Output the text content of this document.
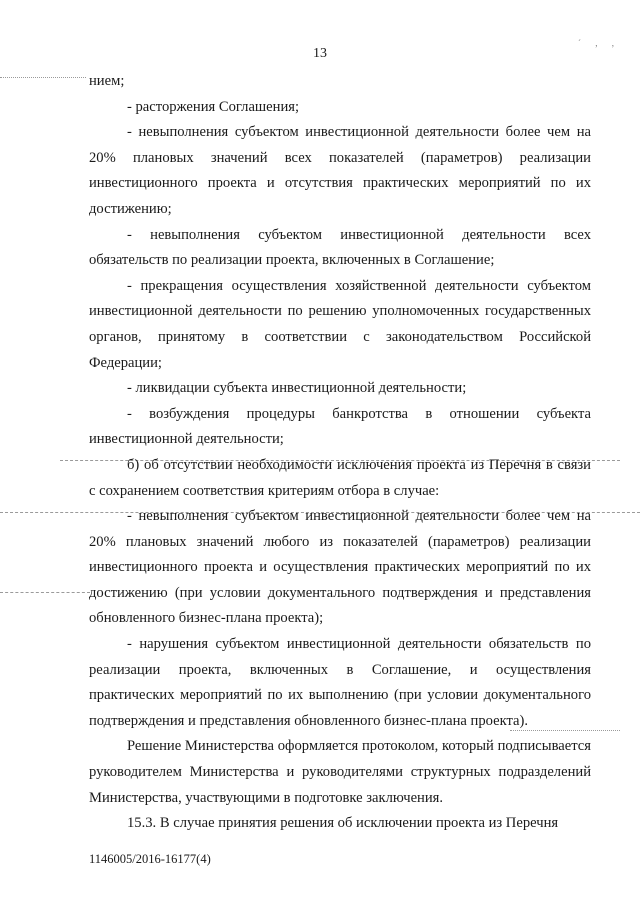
13
´ , ,

нием;

- расторжения Соглашения;

- невыполнения субъектом инвестиционной деятельности более чем на 20% плановых значений всех показателей (параметров) реализации инвестиционного проекта и отсутствия практических мероприятий по их достижению;

- невыполнения субъектом инвестиционной деятельности всех обязательств по реализации проекта, включенных в Соглашение;

- прекращения осуществления хозяйственной деятельности субъектом инвестиционной деятельности по решению уполномоченных государственных органов, принятому в соответствии с законодательством Российской Федерации;

- ликвидации субъекта инвестиционной деятельности;

- возбуждения процедуры банкротства в отношении субъекта инвестиционной деятельности;

б) об отсутствии необходимости исключения проекта из Перечня в связи с сохранением соответствия критериям отбора в случае:

- невыполнения субъектом инвестиционной деятельности более чем на 20% плановых значений любого из показателей (параметров) реализации инвестиционного проекта и осуществления практических мероприятий по их достижению (при условии документального подтверждения и представления обновленного бизнес-плана проекта);

- нарушения субъектом инвестиционной деятельности обязательств по реализации проекта, включенных в Соглашение, и осуществления практических мероприятий по их выполнению (при условии документального подтверждения и представления обновленного бизнес-плана проекта).

Решение Министерства оформляется протоколом, который подписывается руководителем Министерства и руководителями структурных подразделений Министерства, участвующими в подготовке заключения.

15.3. В случае принятия решения об исключении проекта из Перечня

1146005/2016-16177(4)
